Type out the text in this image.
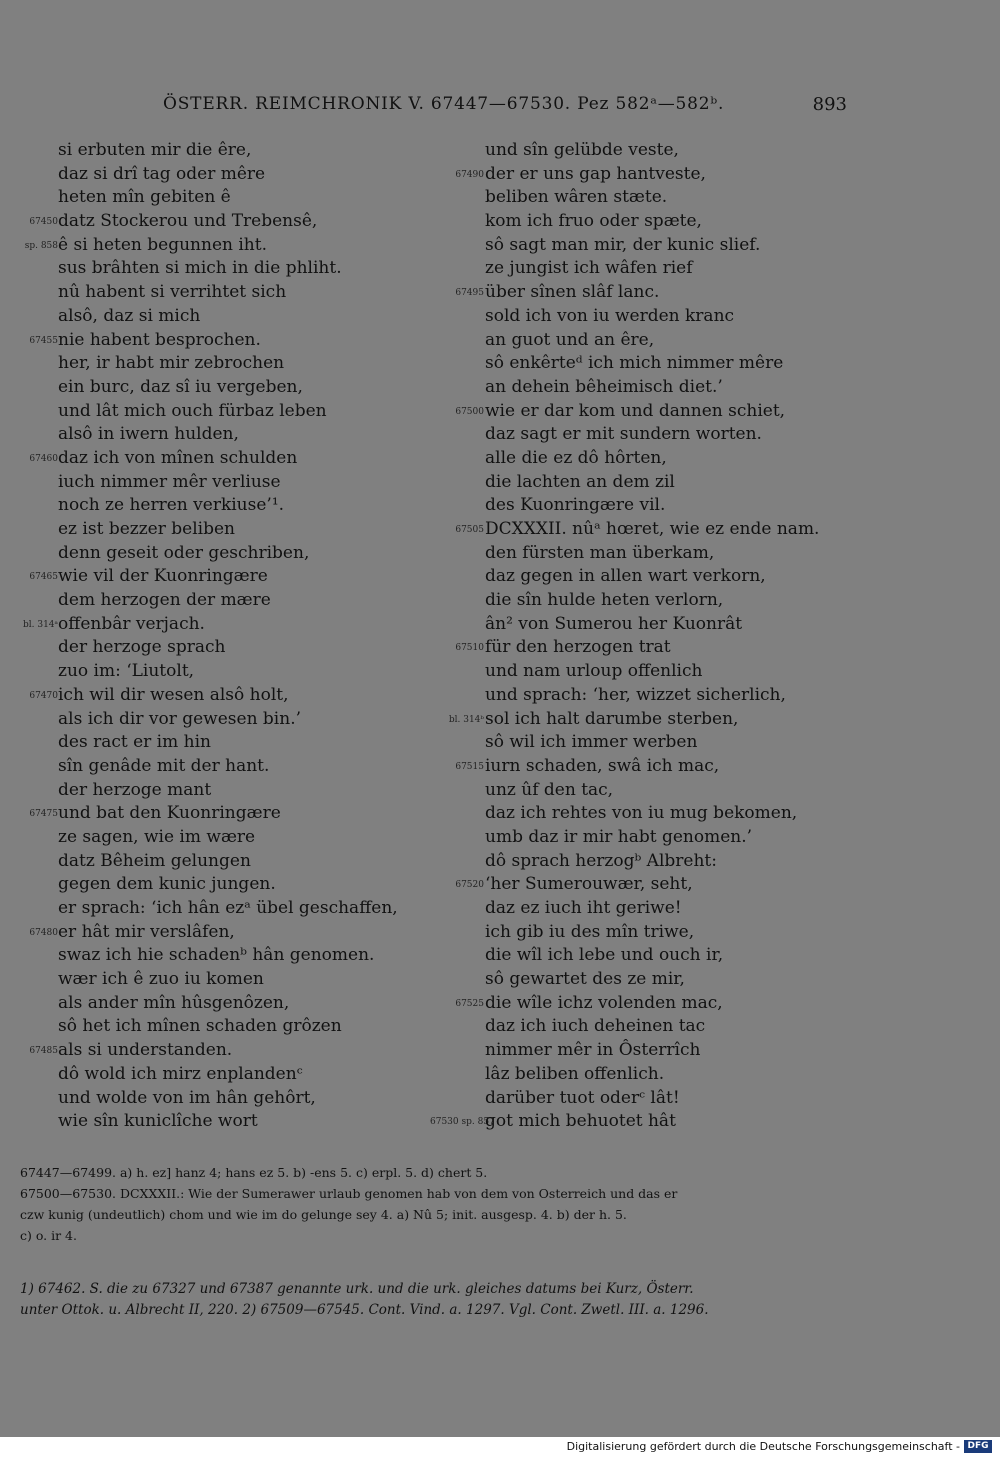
ÖSTERR. REIMCHRONIK V. 67447—67530. Pez 582ᵃ—582ᵇ.	893
si erbuten mir die êre,
daz si drî tag oder mêre
heten mîn gebiten ê
67450 datz Stockerou und Trebensê,
sp. 858 ê si heten begunnen iht.
sus brâhten si mich in die phliht.
nû habent si verrihtet sich
alsô, daz si mich
67455 nie habent besprochen.
her, ir habt mir zebrochen
ein burc, daz sî iu vergeben,
und lât mich ouch fürbaz leben
alsô in iwern hulden,
67460 daz ich von mînen schulden
iuch nimmer mêr verliuse
noch ze herren verkiuse’¹.
ez ist bezzer beliben
denn geseit oder geschriben,
67465 wie vil der Kuonringære
dem herzogen der mære
bl. 314ᵃ offenbâr verjach.
der herzoge sprach
zuo im: ‘Liutolt,
67470 ich wil dir wesen alsô holt,
als ich dir vor gewesen bin.’
des ract er im hin
sîn genâde mit der hant.
der herzoge mant
67475 und bat den Kuonringære
ze sagen, wie im wære
datz Bêheim gelungen
gegen dem kunic jungen.
er sprach: ‘ich hân ezᵃ übel geschaffen,
67480 er hât mir verslâfen,
swaz ich hie schadenᵇ hân genomen.
wær ich ê zuo iu komen
als ander mîn hûsgenôzen,
sô het ich mînen schaden grôzen
67485 als si understanden.
dô wold ich mirz enplandenᶜ
und wolde von im hân gehôrt,
wie sîn kuniclîche wort
und sîn gelübde veste,
67490 der er uns gap hantveste,
beliben wâren stæte.
kom ich fruo oder spæte,
sô sagt man mir, der kunic slief.
ze jungist ich wâfen rief
67495 über sînen slâf lanc.
sold ich von iu werden kranc
an guot und an êre,
sô enkêrteᵈ ich mich nimmer mêre
an dehein bêheimisch diet.’
67500 wie er dar kom und dannen schiet,
daz sagt er mit sundern worten.
alle die ez dô hôrten,
die lachten an dem zil
des Kuonringære vil.
67505 DCXXXII. nûᵃ hœret, wie ez ende nam.
den fürsten man überkam,
daz gegen in allen wart verkorn,
die sîn hulde heten verlorn,
ân² von Sumerou her Kuonrât
67510 für den herzogen trat
und nam urloup offenlich
und sprach: ‘her, wizzet sicherlich,
bl. 314ᵇ sol ich halt darumbe sterben,
sô wil ich immer werben
67515 iurn schaden, swâ ich mac,
unz ûf den tac,
daz ich rehtes von iu mug bekomen,
umb daz ir mir habt genomen.’
dô sprach herzogᵇ Albreht:
67520 ‘her Sumerouwær, seht,
daz ez iuch iht geriwe!
ich gib iu des mîn triwe,
die wîl ich lebe und ouch ir,
sô gewartet des ze mir,
67525 die wîle ichz volenden mac,
daz ich iuch deheinen tac
nimmer mêr in Ôsterrîch
lâz beliben offenlich.
darüber tuot oderᶜ lât!
67530 sp. 857
got mich behuotet hât

67447—67499. a) h. ez] hanz 4; hans ez 5. b) -ens 5. c) erpl. 5. d) chert 5.

67500—67530. DCXXXII.: Wie der Sumerawer urlaub genomen hab von dem von Osterreich und das er

czw kunig (undeutlich) chom und wie im do gelunge sey 4. a) Nû 5; init. ausgesp. 4. b) der h. 5.

c) o. ir 4.

1) 67462. S. die zu 67327 und 67387 genannte urk. und die urk. gleiches datums bei Kurz, Österr.

unter Ottok. u. Albrecht II, 220. 2) 67509—67545. Cont. Vind. a. 1297. Vgl. Cont. Zwetl. III. a. 1296.

Digitalisierung gefördert durch die Deutsche Forschungsgemeinschaft - DFG
